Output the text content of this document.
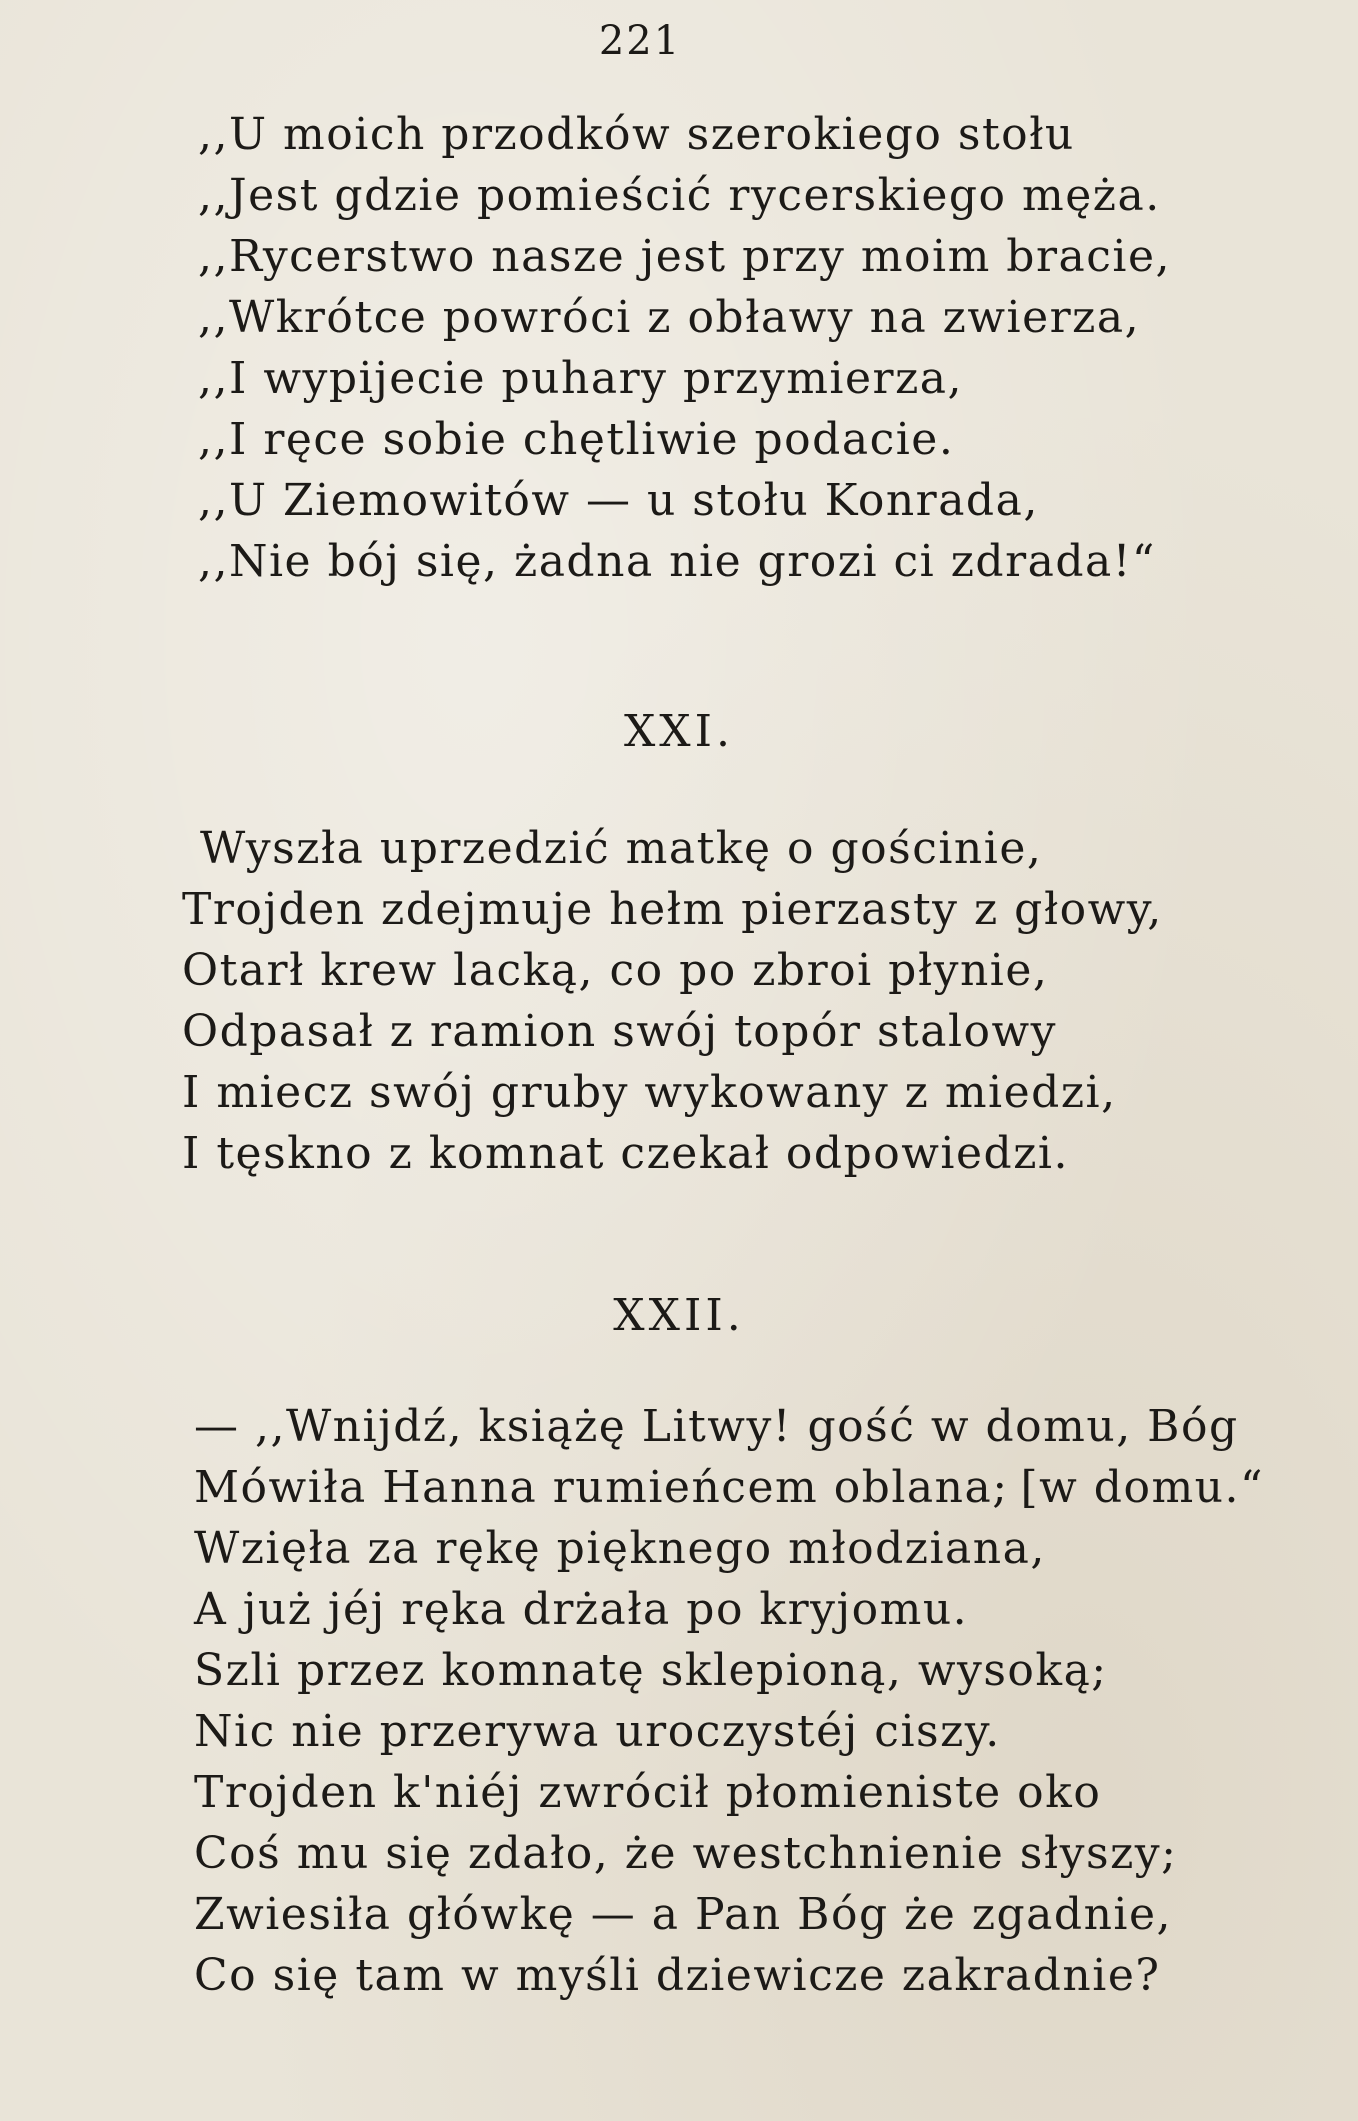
221
,,U moich przodków szerokiego stołu
,,Jest gdzie pomieścić rycerskiego męża.
,,Rycerstwo nasze jest przy moim bracie,
,,Wkrótce powróci z obławy na zwierza,
,,I wypijecie puhary przymierza,
,,I ręce sobie chętliwie podacie.
,,U Ziemowitów — u stołu Konrada,
,,Nie bój się, żadna nie grozi ci zdrada!“
XXI.
Wyszła uprzedzić matkę o gościnie,
Trojden zdejmuje hełm pierzasty z głowy,
Otarł krew lacką, co po zbroi płynie,
Odpasał z ramion swój topór stalowy
I miecz swój gruby wykowany z miedzi,
I tęskno z komnat czekał odpowiedzi.
XXII.
— ,,Wnijdź, książę Litwy! gość w domu, Bóg
Mówiła Hanna rumieńcem oblana; [w domu.“
Wzięła za rękę pięknego młodziana,
A już jéj ręka drżała po kryjomu.
Szli przez komnatę sklepioną, wysoką;
Nic nie przerywa uroczystéj ciszy.
Trojden k'niéj zwrócił płomieniste oko
Coś mu się zdało, że westchnienie słyszy;
Zwiesiła główkę — a Pan Bóg że zgadnie,
Co się tam w myśli dziewicze zakradnie?
